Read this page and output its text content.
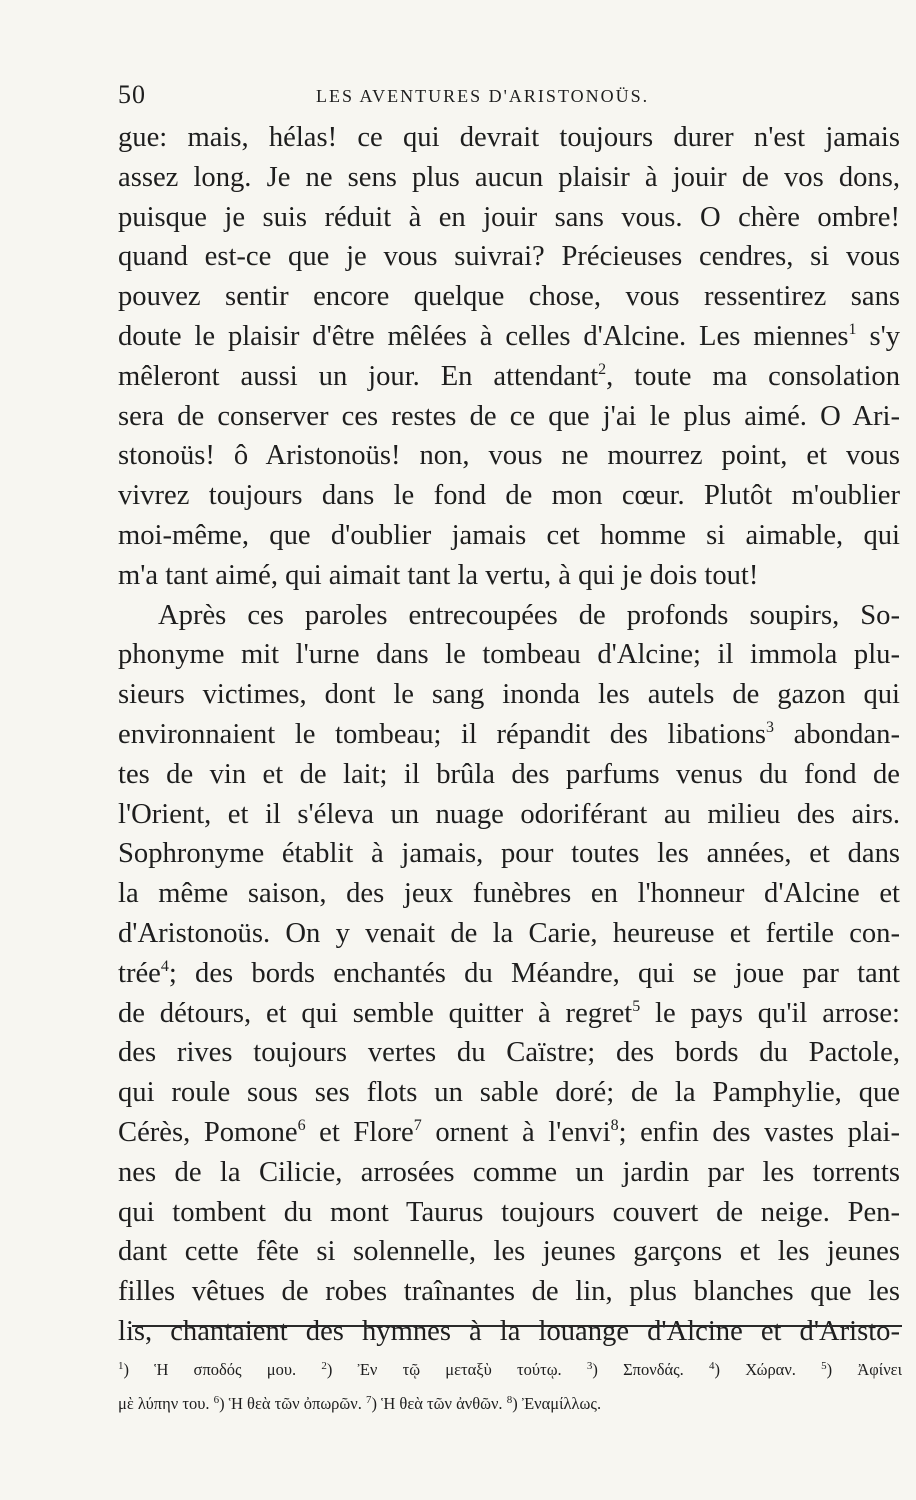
50	LES AVENTURES D'ARISTONOÜS.
gue: mais, hélas! ce qui devrait toujours durer n'est jamais
assez long. Je ne sens plus aucun plaisir à jouir de vos dons,
puisque je suis réduit à en jouir sans vous. O chère ombre!
quand est-ce que je vous suivrai? Précieuses cendres, si vous
pouvez sentir encore quelque chose, vous ressentirez sans
doute le plaisir d'être mêlées à celles d'Alcine. Les miennes$^1$ s'y
mêleront aussi un jour. En attendant$^2$, toute ma consolation
sera de conserver ces restes de ce que j'ai le plus aimé. O Ari-
stonoüs! ô Aristonoüs! non, vous ne mourrez point, et vous
vivrez toujours dans le fond de mon cœur. Plutôt m'oublier
moi-même, que d'oublier jamais cet homme si aimable, qui
m'a tant aimé, qui aimait tant la vertu, à qui je dois tout!
Après ces paroles entrecoupées de profonds soupirs, So-
phonyme mit l'urne dans le tombeau d'Alcine; il immola plu-
sieurs victimes, dont le sang inonda les autels de gazon qui
environnaient le tombeau; il répandit des libations$^3$ abondan-
tes de vin et de lait; il brûla des parfums venus du fond de
l'Orient, et il s'éleva un nuage odoriférant au milieu des airs.
Sophronyme établit à jamais, pour toutes les années, et dans
la même saison, des jeux funèbres en l'honneur d'Alcine et
d'Aristonoüs. On y venait de la Carie, heureuse et fertile con-
trée$^4$; des bords enchantés du Méandre, qui se joue par tant
de détours, et qui semble quitter à regret$^5$ le pays qu'il arrose:
des rives toujours vertes du Caïstre; des bords du Pactole,
qui roule sous ses flots un sable doré; de la Pamphylie, que
Cérès, Pomone$^6$ et Flore$^7$ ornent à l'envi$^8$; enfin des vastes plai-
nes de la Cilicie, arrosées comme un jardin par les torrents
qui tombent du mont Taurus toujours couvert de neige. Pen-
dant cette fête si solennelle, les jeunes garçons et les jeunes
filles vêtues de robes traînantes de lin, plus blanches que les
lis, chantaient des hymnes à la louange d'Alcine et d'Aristo-
$^1$) Ἡ σποδός μου. $^2$) Ἐν τῷ μεταξὺ τούτῳ. $^3$) Σπονδάς. $^4$) Χώραν. $^5$) Ἀφίνει
μὲ λύπην του. $^6$) Ἡ θεὰ τῶν ὀπωρῶν. $^7$) Ἡ θεὰ τῶν ἀνθῶν. $^8$) Ἐναμίλλως.
